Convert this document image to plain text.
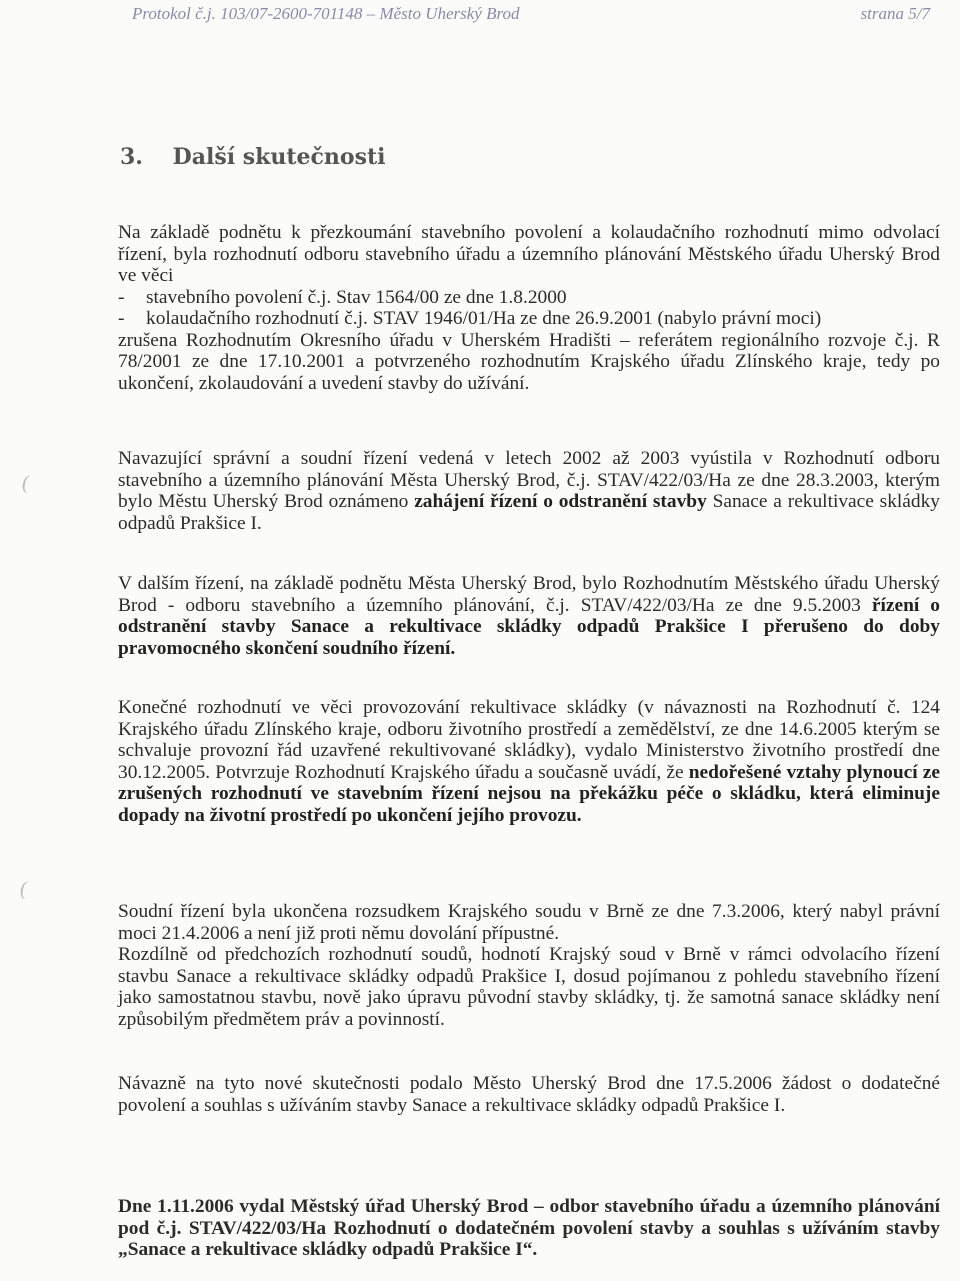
Protokol č.j. 103/07-2600-701148 – Město Uherský Brod	strana 5/7
3. Další skutečnosti

Na základě podnětu k přezkoumání stavebního povolení a kolaudačního rozhodnutí mimo odvolací řízení, byla rozhodnutí odboru stavebního úřadu a územního plánování Městského úřadu Uherský Brod ve věci

- stavebního povolení č.j. Stav 1564/00 ze dne 1.8.2000
- kolaudačního rozhodnutí č.j. STAV 1946/01/Ha ze dne 26.9.2001 (nabylo právní moci)

zrušena Rozhodnutím Okresního úřadu v Uherském Hradišti – referátem regionálního rozvoje č.j. R 78/2001 ze dne 17.10.2001 a potvrzeného rozhodnutím Krajského úřadu Zlínského kraje, tedy po ukončení, zkolaudování a uvedení stavby do užívání.

Navazující správní a soudní řízení vedená v letech 2002 až 2003 vyústila v Rozhodnutí odboru stavebního a územního plánování Města Uherský Brod, č.j. STAV/422/03/Ha ze dne 28.3.2003, kterým bylo Městu Uherský Brod oznámeno zahájení řízení o odstranění stavby Sanace a rekultivace skládky odpadů Prakšice I.

V dalším řízení, na základě podnětu Města Uherský Brod, bylo Rozhodnutím Městského úřadu Uherský Brod - odboru stavebního a územního plánování, č.j. STAV/422/03/Ha ze dne 9.5.2003 řízení o odstranění stavby Sanace a rekultivace skládky odpadů Prakšice I přerušeno do doby pravomocného skončení soudního řízení.

Konečné rozhodnutí ve věci provozování rekultivace skládky (v návaznosti na Rozhodnutí č. 124 Krajského úřadu Zlínského kraje, odboru životního prostředí a zemědělství, ze dne 14.6.2005 kterým se schvaluje provozní řád uzavřené rekultivované skládky), vydalo Ministerstvo životního prostředí dne 30.12.2005. Potvrzuje Rozhodnutí Krajského úřadu a současně uvádí, že nedořešené vztahy plynoucí ze zrušených rozhodnutí ve stavebním řízení nejsou na překážku péče o skládku, která eliminuje dopady na životní prostředí po ukončení jejího provozu.

Soudní řízení byla ukončena rozsudkem Krajského soudu v Brně ze dne 7.3.2006, který nabyl právní moci 21.4.2006 a není již proti němu dovolání přípustné.

Rozdílně od předchozích rozhodnutí soudů, hodnotí Krajský soud v Brně v rámci odvolacího řízení stavbu Sanace a rekultivace skládky odpadů Prakšice I, dosud pojímanou z pohledu stavebního řízení jako samostatnou stavbu, nově jako úpravu původní stavby skládky, tj. že samotná sanace skládky není způsobilým předmětem práv a povinností.

Návazně na tyto nové skutečnosti podalo Město Uherský Brod dne 17.5.2006 žádost o dodatečné povolení a souhlas s užíváním stavby Sanace a rekultivace skládky odpadů Prakšice I.

Dne 1.11.2006 vydal Městský úřad Uherský Brod – odbor stavebního úřadu a územního plánování pod č.j. STAV/422/03/Ha Rozhodnutí o dodatečném povolení stavby a souhlas s užíváním stavby „Sanace a rekultivace skládky odpadů Prakšice I“.

(
(
